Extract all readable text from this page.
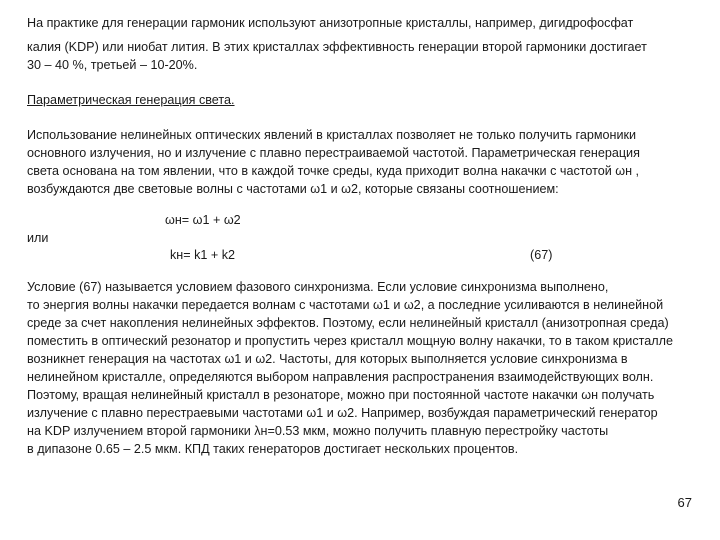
На практике для генерации гармоник используют анизотропные кристаллы, например, дигидрофосфат
калия (KDP) или ниобат лития. В этих кристаллах эффективность генерации второй гармоники достигает
30 – 40 %, третьей – 10-20%.
Параметрическая генерация света.
Использование нелинейных оптических явлений в кристаллах позволяет не только получить гармоники
основного излучения, но и излучение с плавно перестраиваемой частотой. Параметрическая генерация
света основана на том явлении, что в каждой точке среды, куда приходит волна накачки с частотой ωн ,
возбуждаются две световые волны с частотами ω1 и ω2, которые связаны соотношением:
ωн= ω1 + ω2
или
kн= k1 + k2	(67)
Условие (67) называется условием фазового синхронизма. Если условие синхронизма выполнено,
то энергия волны накачки передается волнам с частотами ω1 и ω2, а последние усиливаются в нелинейной
среде за счет накопления нелинейных эффектов. Поэтому, если нелинейный кристалл (анизотропная среда)
поместить в оптический резонатор и пропустить через кристалл мощную волну накачки, то в таком кристалле
возникнет генерация на частотах ω1 и ω2. Частоты, для которых выполняется условие синхронизма в
нелинейном кристалле, определяются выбором направления распространения взаимодействующих волн.
Поэтому, вращая нелинейный кристалл в резонаторе, можно при постоянной частоте накачки ωн получать
излучение с плавно перестраевыми частотами ω1 и ω2. Например, возбуждая параметрический генератор
на KDP излучением второй гармоники λн=0.53 мкм, можно получить плавную перестройку частоты
в дипазоне 0.65 – 2.5 мкм. КПД таких генераторов достигает нескольких процентов.
67
